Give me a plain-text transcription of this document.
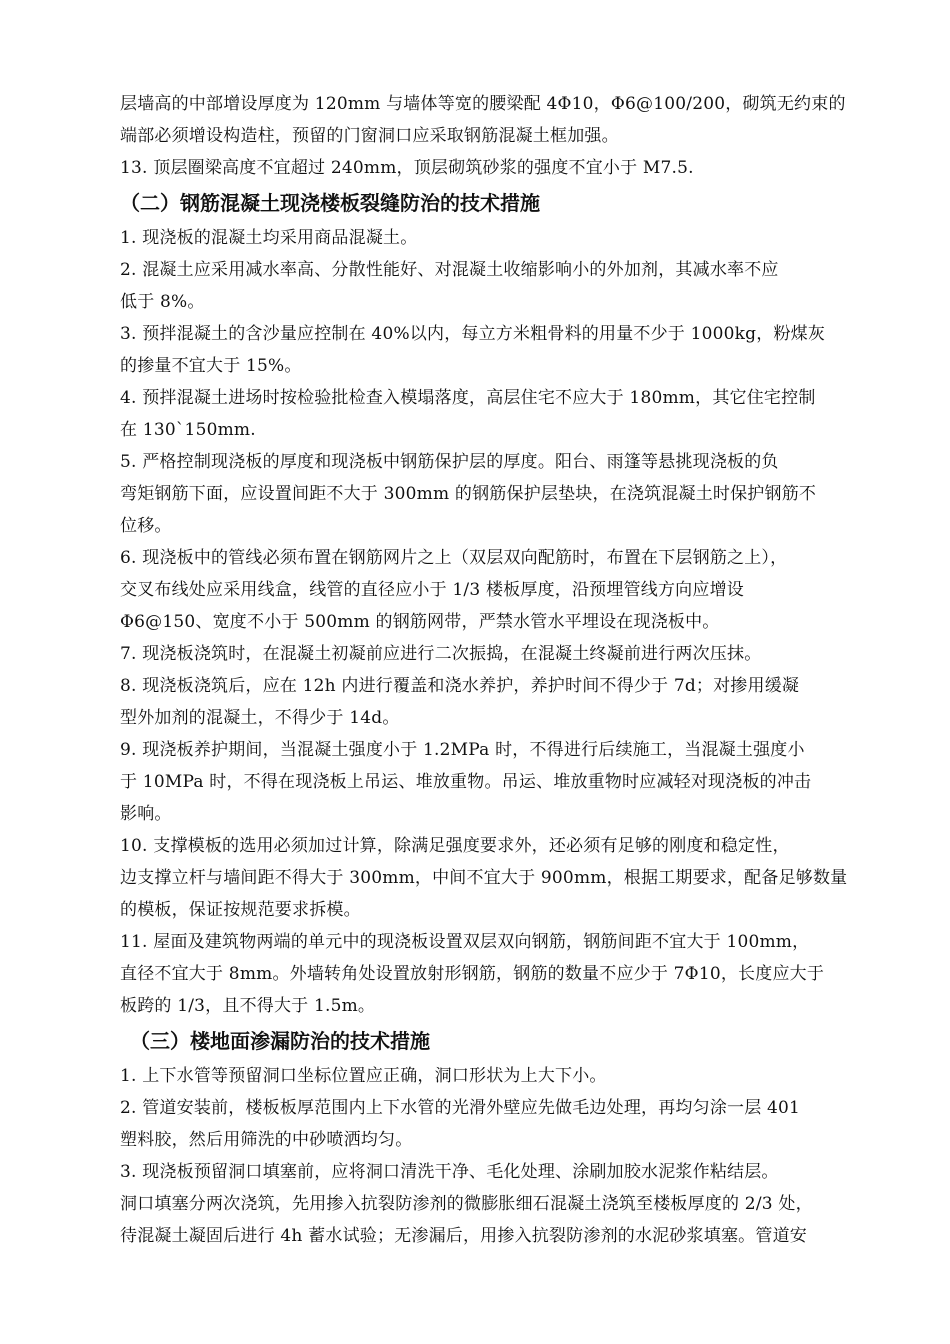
层墙高的中部增设厚度为 120mm 与墙体等宽的腰梁配 4Φ10，Φ6@100/200，砌筑无约束的
端部必须增设构造柱，预留的门窗洞口应采取钢筋混凝土框加强。
13. 顶层圈梁高度不宜超过 240mm，顶层砌筑砂浆的强度不宜小于 M7.5.
（二）钢筋混凝土现浇楼板裂缝防治的技术措施
1. 现浇板的混凝土均采用商品混凝土。
2. 混凝土应采用减水率高、分散性能好、对混凝土收缩影响小的外加剂，其减水率不应
低于 8%。
3. 预拌混凝土的含沙量应控制在 40%以内，每立方米粗骨料的用量不少于 1000kg，粉煤灰
的掺量不宜大于 15%。
4. 预拌混凝土进场时按检验批检查入模塌落度，高层住宅不应大于 180mm，其它住宅控制
在 130`150mm.
5. 严格控制现浇板的厚度和现浇板中钢筋保护层的厚度。阳台、雨篷等悬挑现浇板的负
弯矩钢筋下面，应设置间距不大于 300mm 的钢筋保护层垫块，在浇筑混凝土时保护钢筋不
位移。
6. 现浇板中的管线必须布置在钢筋网片之上（双层双向配筋时，布置在下层钢筋之上），
交叉布线处应采用线盒，线管的直径应小于 1/3 楼板厚度，沿预埋管线方向应增设
Φ6@150、宽度不小于 500mm 的钢筋网带，严禁水管水平埋设在现浇板中。
7. 现浇板浇筑时，在混凝土初凝前应进行二次振捣，在混凝土终凝前进行两次压抹。
8. 现浇板浇筑后，应在 12h 内进行覆盖和浇水养护，养护时间不得少于 7d；对掺用缓凝
型外加剂的混凝土，不得少于 14d。
9. 现浇板养护期间，当混凝土强度小于 1.2MPa 时，不得进行后续施工，当混凝土强度小
于 10MPa 时，不得在现浇板上吊运、堆放重物。吊运、堆放重物时应减轻对现浇板的冲击
影响。
10. 支撑模板的选用必须加过计算，除满足强度要求外，还必须有足够的刚度和稳定性，
边支撑立杆与墙间距不得大于 300mm，中间不宜大于 900mm，根据工期要求，配备足够数量
的模板，保证按规范要求拆模。
11. 屋面及建筑物两端的单元中的现浇板设置双层双向钢筋，钢筋间距不宜大于 100mm，
直径不宜大于 8mm。外墙转角处设置放射形钢筋，钢筋的数量不应少于 7Φ10，长度应大于
板跨的 1/3，且不得大于 1.5m。
（三）楼地面渗漏防治的技术措施
1. 上下水管等预留洞口坐标位置应正确，洞口形状为上大下小。
2. 管道安装前，楼板板厚范围内上下水管的光滑外壁应先做毛边处理，再均匀涂一层 401
塑料胶，然后用筛洗的中砂喷洒均匀。
3. 现浇板预留洞口填塞前，应将洞口清洗干净、毛化处理、涂刷加胶水泥浆作粘结层。
洞口填塞分两次浇筑，先用掺入抗裂防渗剂的微膨胀细石混凝土浇筑至楼板厚度的 2/3 处，
待混凝土凝固后进行 4h 蓄水试验；无渗漏后，用掺入抗裂防渗剂的水泥砂浆填塞。管道安
